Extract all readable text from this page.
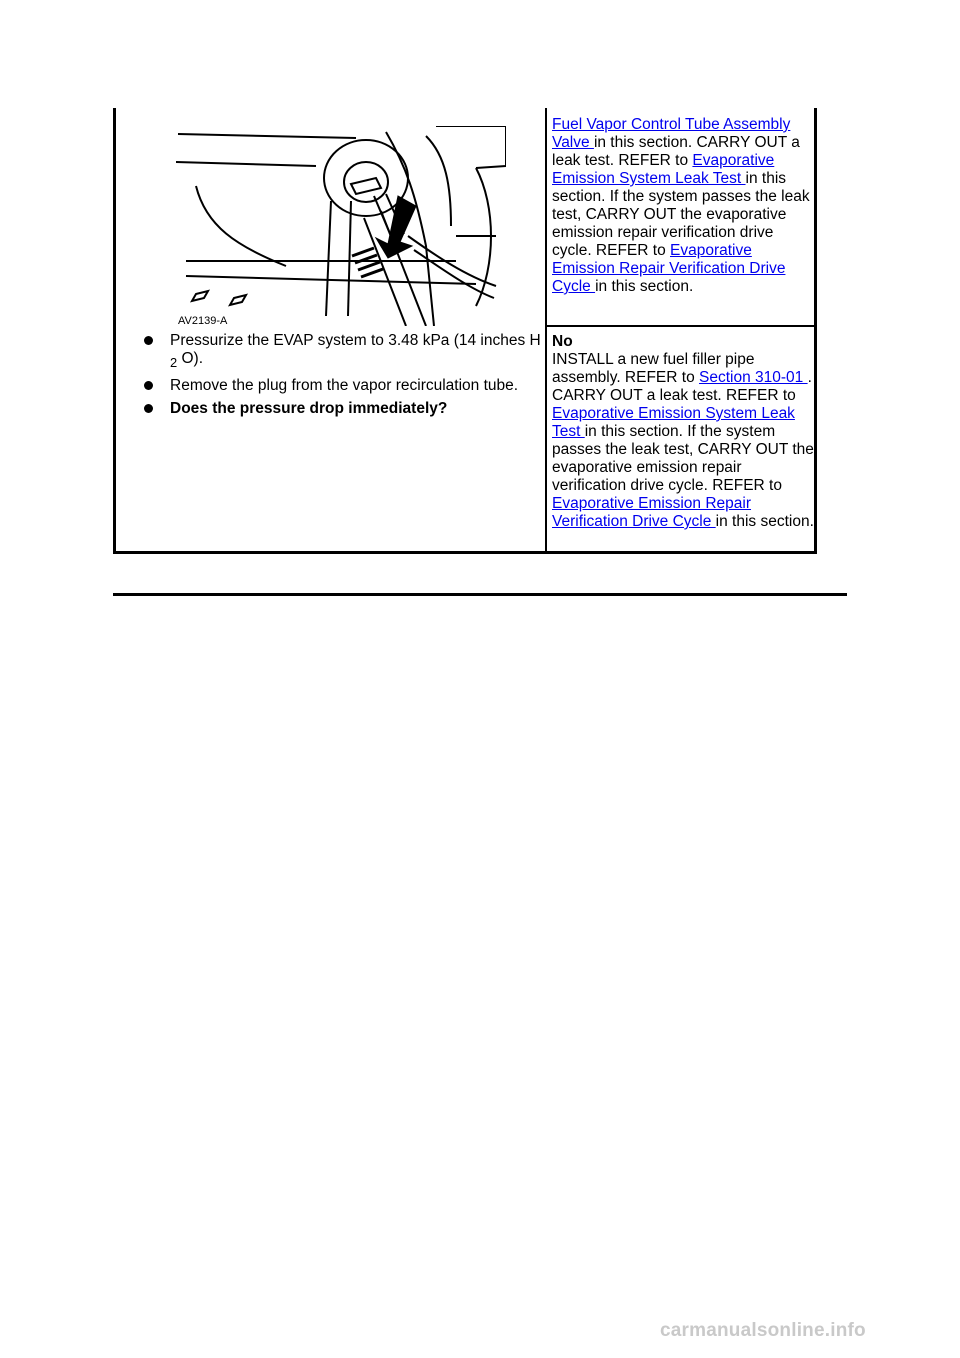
AV2139-A
Fuel Vapor Control Tube Assembly Valve in this section. CARRY OUT a leak test. REFER to Evaporative Emission System Leak Test in this section. If the system passes the leak test, CARRY OUT the evaporative emission repair verification drive cycle. REFER to Evaporative Emission Repair Verification Drive Cycle in this section.
Pressurize the EVAP system to 3.48 kPa (14 inches H $_2$ O).
Remove the plug from the vapor recirculation tube.
Does the pressure drop immediately?
No
INSTALL a new fuel filler pipe assembly. REFER to Section 310-01 . CARRY OUT a leak test. REFER to Evaporative Emission System Leak Test in this section. If the system passes the leak test, CARRY OUT the evaporative emission repair verification drive cycle. REFER to Evaporative Emission Repair Verification Drive Cycle in this section.
carmanualsonline.info
